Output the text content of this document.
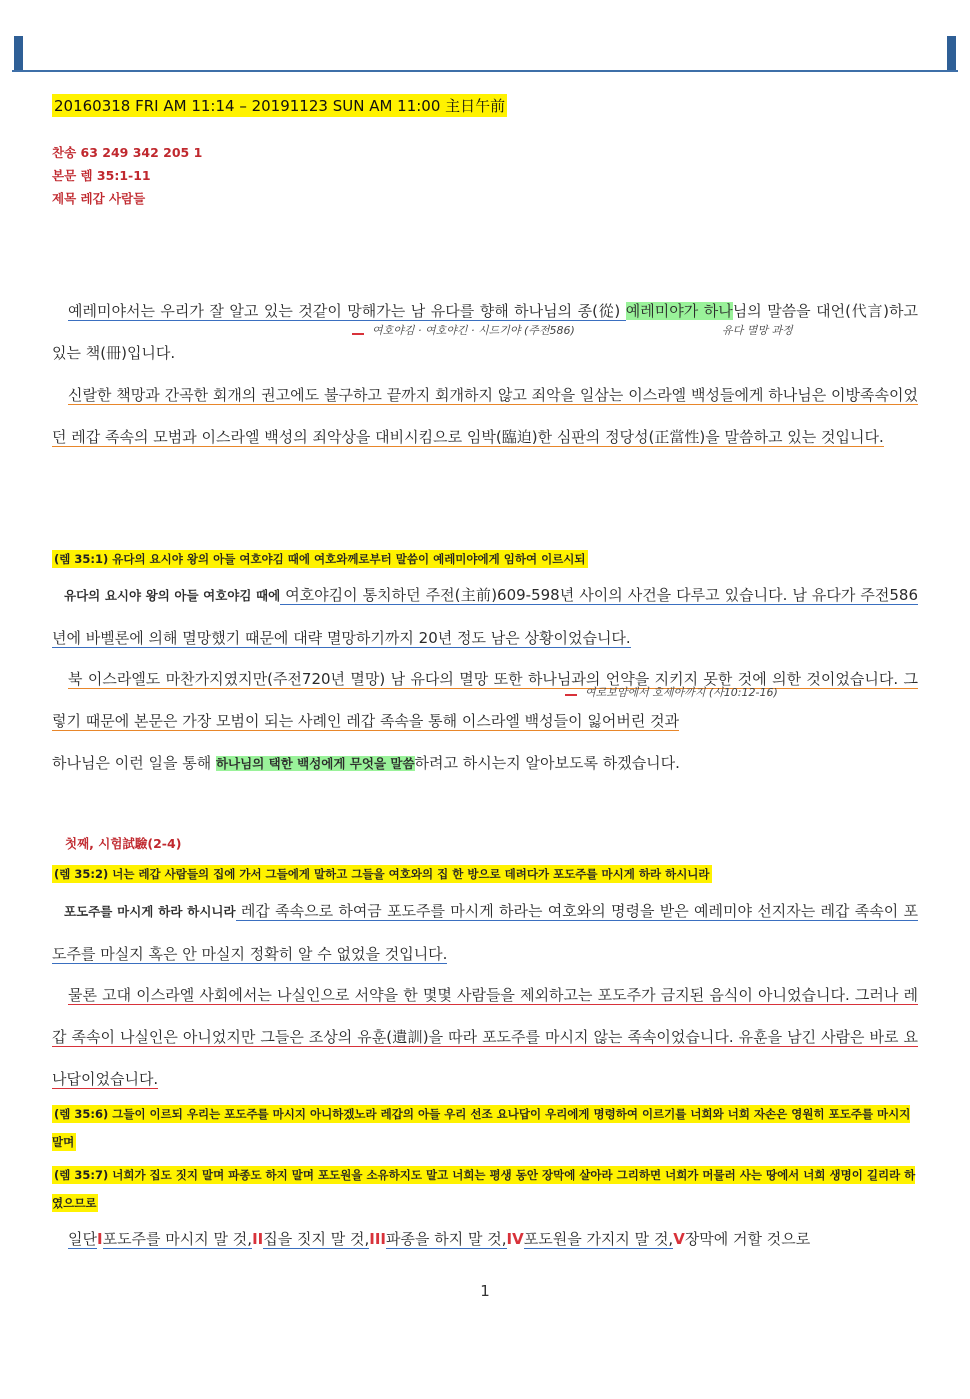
20160318 FRI AM 11:14 – 20191123 SUN AM 11:00 主日午前
찬송 63 249 342 205 1
본문 렘 35:1-11
제목 레갑 사람들

예레미야서는 우리가 잘 알고 있는 것같이 망해가는 남 유다를 향해 하나님의 종(從) 예레미야가 하나님의 말씀을 대언(代言)하고 있는 책(冊)입니다.

여호야김 · 여호야긴 · 시드기야 (주전586)	유다 멸망 과정

신랄한 책망과 간곡한 회개의 권고에도 불구하고 끝까지 회개하지 않고 죄악을 일삼는 이스라엘 백성들에게 하나님은 이방족속이었던 레갑 족속의 모범과 이스라엘 백성의 죄악상을 대비시킴으로 임박(臨迫)한 심판의 정당성(正當性)을 말씀하고 있는 것입니다.

(렘 35:1) 유다의 요시야 왕의 아들 여호야김 때에 여호와께로부터 말씀이 예레미야에게 임하여 이르시되

유다의 요시야 왕의 아들 여호야김 때에 여호야김이 통치하던 주전(主前)609-598년 사이의 사건을 다루고 있습니다. 남 유다가 주전586년에 바벨론에 의해 멸망했기 때문에 대략 멸망하기까지 20년 정도 남은 상황이었습니다.

북 이스라엘도 마찬가지였지만(주전720년 멸망) 남 유다의 멸망 또한 하나님과의 언약을 지키지 못한 것에 의한 것이었습니다. 그렇기 때문에 본문은 가장 모범이 되는 사례인 레갑 족속을 통해 이스라엘 백성들이 잃어버린 것과

여로보암에서 호세아까지 (사10:12-16)

하나님은 이런 일을 통해 하나님의 택한 백성에게 무엇을 말씀하려고 하시는지 알아보도록 하겠습니다.

첫째, 시험試驗(2-4)
(렘 35:2) 너는 레갑 사람들의 집에 가서 그들에게 말하고 그들을 여호와의 집 한 방으로 데려다가 포도주를 마시게 하라 하시니라

포도주를 마시게 하라 하시니라 레갑 족속으로 하여금 포도주를 마시게 하라는 여호와의 명령을 받은 예레미야 선지자는 레갑 족속이 포도주를 마실지 혹은 안 마실지 정확히 알 수 없었을 것입니다.

물론 고대 이스라엘 사회에서는 나실인으로 서약을 한 몇몇 사람들을 제외하고는 포도주가 금지된 음식이 아니었습니다. 그러나 레갑 족속이 나실인은 아니었지만 그들은 조상의 유훈(遺訓)을 따라 포도주를 마시지 않는 족속이었습니다. 유훈을 남긴 사람은 바로 요나답이었습니다.

(렘 35:6) 그들이 이르되 우리는 포도주를 마시지 아니하겠노라 레갑의 아들 우리 선조 요나답이 우리에게 명령하여 이르기를 너희와 너희 자손은 영원히 포도주를 마시지 말며
(렘 35:7) 너희가 집도 짓지 말며 파종도 하지 말며 포도원을 소유하지도 말고 너희는 평생 동안 장막에 살아라 그리하면 너희가 머물러 사는 땅에서 너희 생명이 길리라 하였으므로

일단I포도주를 마시지 말 것,II집을 짓지 말 것,III파종을 하지 말 것,IV포도원을 가지지 말 것,V장막에 거할 것으로

1
